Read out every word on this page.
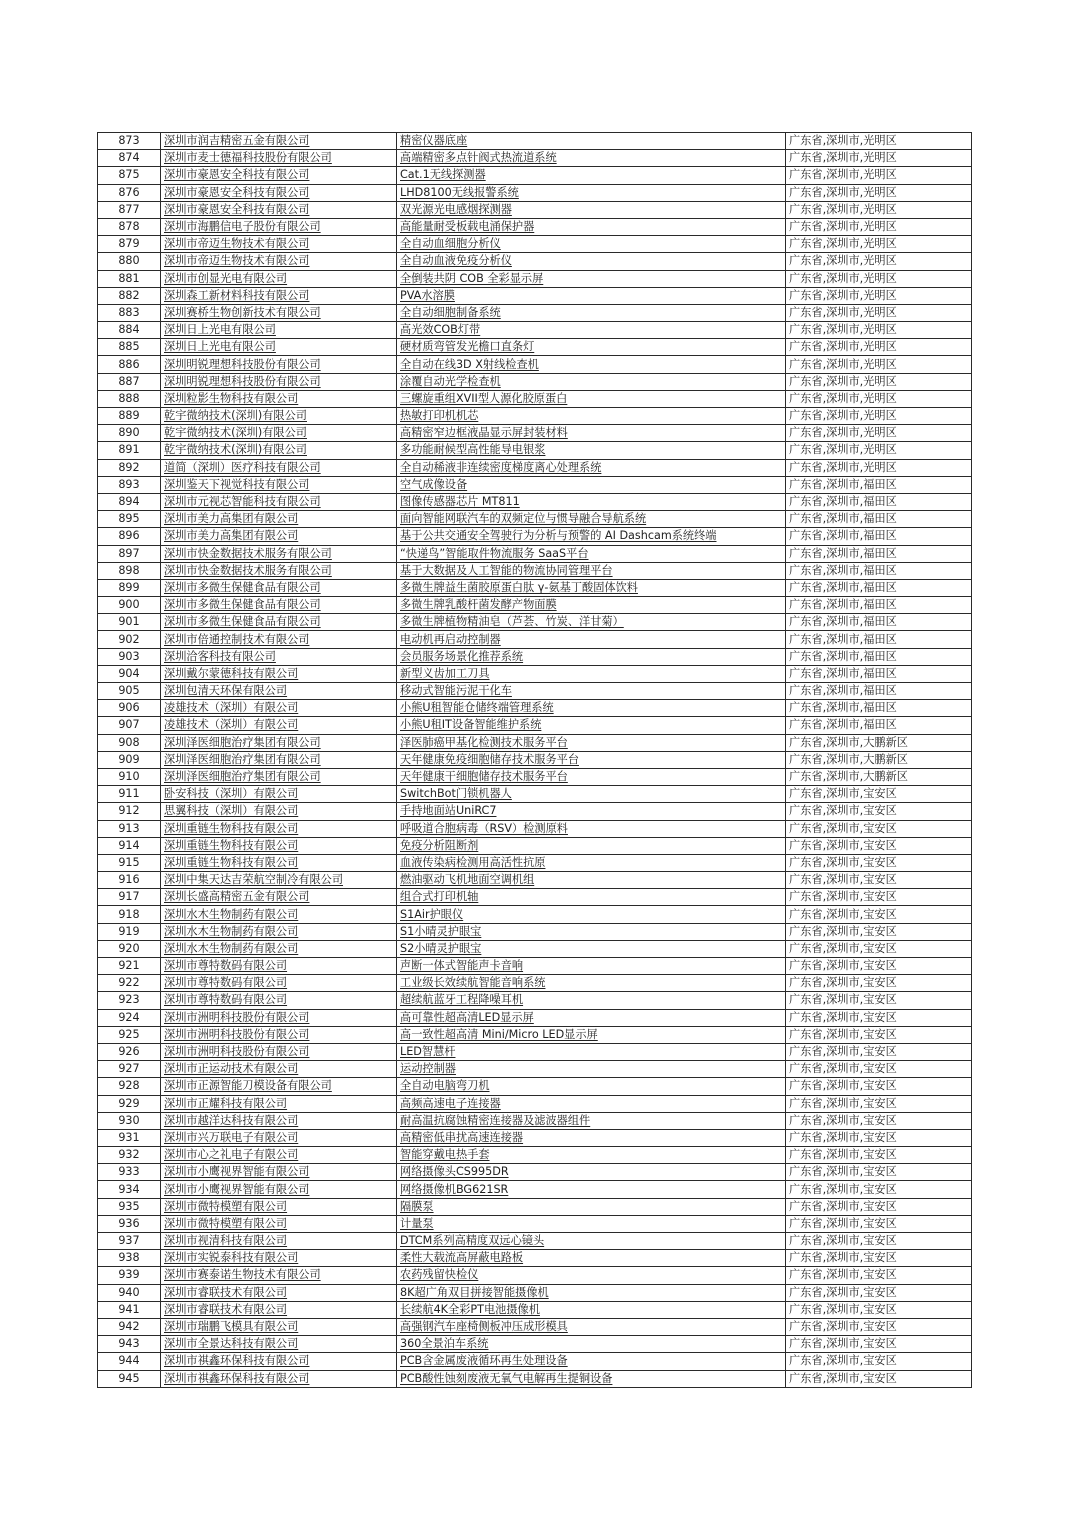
873	深圳市润吉精密五金有限公司	精密仪器底座	广东省,深圳市,光明区
874	深圳市麦士德福科技股份有限公司	高端精密多点针阀式热流道系统	广东省,深圳市,光明区
875	深圳市豪恩安全科技有限公司	Cat.1无线探测器	广东省,深圳市,光明区
876	深圳市豪恩安全科技有限公司	LHD8100无线报警系统	广东省,深圳市,光明区
877	深圳市豪恩安全科技有限公司	双光源光电感烟探测器	广东省,深圳市,光明区
878	深圳市海鹏信电子股份有限公司	高能量耐受板载电涌保护器	广东省,深圳市,光明区
879	深圳市帝迈生物技术有限公司	全自动血细胞分析仪	广东省,深圳市,光明区
880	深圳市帝迈生物技术有限公司	全自动血液免疫分析仪	广东省,深圳市,光明区
881	深圳市创显光电有限公司	全倒装共阴 COB 全彩显示屏	广东省,深圳市,光明区
882	深圳森工新材料科技有限公司	PVA水溶膜	广东省,深圳市,光明区
883	深圳赛桥生物创新技术有限公司	全自动细胞制备系统	广东省,深圳市,光明区
884	深圳日上光电有限公司	高光效COB灯带	广东省,深圳市,光明区
885	深圳日上光电有限公司	硬材质弯管发光檐口直条灯	广东省,深圳市,光明区
886	深圳明锐理想科技股份有限公司	全自动在线3D X射线检查机	广东省,深圳市,光明区
887	深圳明锐理想科技股份有限公司	涂覆自动光学检查机	广东省,深圳市,光明区
888	深圳粒影生物科技有限公司	三螺旋重组XVII型人源化胶原蛋白	广东省,深圳市,光明区
889	乾宇微纳技术(深圳)有限公司	热敏打印机机芯	广东省,深圳市,光明区
890	乾宇微纳技术(深圳)有限公司	高精密窄边框液晶显示屏封装材料	广东省,深圳市,光明区
891	乾宇微纳技术(深圳)有限公司	多功能耐候型高性能导电银浆	广东省,深圳市,光明区
892	道简（深圳）医疗科技有限公司	全自动稀液非连续密度梯度离心处理系统	广东省,深圳市,光明区
893	深圳鉴天下视觉科技有限公司	空气成像设备	广东省,深圳市,福田区
894	深圳市元视芯智能科技有限公司	图像传感器芯片 MT811	广东省,深圳市,福田区
895	深圳市美力高集团有限公司	面向智能网联汽车的双频定位与惯导融合导航系统	广东省,深圳市,福田区
896	深圳市美力高集团有限公司	基于公共交通安全驾驶行为分析与预警的 AI Dashcam系统终端	广东省,深圳市,福田区
897	深圳市快金数据技术服务有限公司	“快递鸟”智能取件物流服务 SaaS平台	广东省,深圳市,福田区
898	深圳市快金数据技术服务有限公司	基于大数据及人工智能的物流协同管理平台	广东省,深圳市,福田区
899	深圳市多微生保健食品有限公司	多微生牌益生菌胶原蛋白肽 γ-氨基丁酸固体饮料	广东省,深圳市,福田区
900	深圳市多微生保健食品有限公司	多微生牌乳酸杆菌发酵产物面膜	广东省,深圳市,福田区
901	深圳市多微生保健食品有限公司	多微生牌植物精油皂（芦荟、竹炭、洋甘菊）	广东省,深圳市,福田区
902	深圳市倍通控制技术有限公司	电动机再启动控制器	广东省,深圳市,福田区
903	深圳洽客科技有限公司	会员服务场景化推荐系统	广东省,深圳市,福田区
904	深圳戴尔蒙德科技有限公司	新型义齿加工刀具	广东省,深圳市,福田区
905	深圳包清天环保有限公司	移动式智能污泥干化车	广东省,深圳市,福田区
906	凌雄技术（深圳）有限公司	小熊U租智能仓储终端管理系统	广东省,深圳市,福田区
907	凌雄技术（深圳）有限公司	小熊U租IT设备智能维护系统	广东省,深圳市,福田区
908	深圳泽医细胞治疗集团有限公司	泽医肺癌甲基化检测技术服务平台	广东省,深圳市,大鹏新区
909	深圳泽医细胞治疗集团有限公司	天年健康免疫细胞储存技术服务平台	广东省,深圳市,大鹏新区
910	深圳泽医细胞治疗集团有限公司	天年健康干细胞储存技术服务平台	广东省,深圳市,大鹏新区
911	卧安科技（深圳）有限公司	SwitchBot门锁机器人	广东省,深圳市,宝安区
912	思翼科技（深圳）有限公司	手持地面站UniRC7	广东省,深圳市,宝安区
913	深圳重链生物科技有限公司	呼吸道合胞病毒（RSV）检测原料	广东省,深圳市,宝安区
914	深圳重链生物科技有限公司	免疫分析阻断剂	广东省,深圳市,宝安区
915	深圳重链生物科技有限公司	血液传染病检测用高活性抗原	广东省,深圳市,宝安区
916	深圳中集天达吉荣航空制冷有限公司	燃油驱动飞机地面空调机组	广东省,深圳市,宝安区
917	深圳长盛高精密五金有限公司	组合式打印机轴	广东省,深圳市,宝安区
918	深圳水木生物制药有限公司	S1Air护眼仪	广东省,深圳市,宝安区
919	深圳水木生物制药有限公司	S1小晴灵护眼宝	广东省,深圳市,宝安区
920	深圳水木生物制药有限公司	S2小晴灵护眼宝	广东省,深圳市,宝安区
921	深圳市尊特数码有限公司	声断一体式智能声卡音响	广东省,深圳市,宝安区
922	深圳市尊特数码有限公司	工业级长效续航智能音响系统	广东省,深圳市,宝安区
923	深圳市尊特数码有限公司	超续航蓝牙工程降噪耳机	广东省,深圳市,宝安区
924	深圳市洲明科技股份有限公司	高可靠性超高清LED显示屏	广东省,深圳市,宝安区
925	深圳市洲明科技股份有限公司	高一致性超高清 Mini/Micro LED显示屏	广东省,深圳市,宝安区
926	深圳市洲明科技股份有限公司	LED智慧杆	广东省,深圳市,宝安区
927	深圳市正运动技术有限公司	运动控制器	广东省,深圳市,宝安区
928	深圳市正源智能刀模设备有限公司	全自动电脑弯刀机	广东省,深圳市,宝安区
929	深圳市正耀科技有限公司	高频高速电子连接器	广东省,深圳市,宝安区
930	深圳市越洋达科技有限公司	耐高温抗腐蚀精密连接器及滤波器组件	广东省,深圳市,宝安区
931	深圳市兴万联电子有限公司	高精密低串扰高速连接器	广东省,深圳市,宝安区
932	深圳市心之礼电子有限公司	智能穿戴电热手套	广东省,深圳市,宝安区
933	深圳市小鹰视界智能有限公司	网络摄像头CS995DR	广东省,深圳市,宝安区
934	深圳市小鹰视界智能有限公司	网络摄像机BG621SR	广东省,深圳市,宝安区
935	深圳市微特模塑有限公司	隔膜泵	广东省,深圳市,宝安区
936	深圳市微特模塑有限公司	计量泵	广东省,深圳市,宝安区
937	深圳市视清科技有限公司	DTCM系列高精度双远心镜头	广东省,深圳市,宝安区
938	深圳市实锐泰科技有限公司	柔性大载流高屏蔽电路板	广东省,深圳市,宝安区
939	深圳市赛泰诺生物技术有限公司	农药残留快检仪	广东省,深圳市,宝安区
940	深圳市睿联技术有限公司	8K超广角双目拼接智能摄像机	广东省,深圳市,宝安区
941	深圳市睿联技术有限公司	长续航4K全彩PT电池摄像机	广东省,深圳市,宝安区
942	深圳市瑞鹏飞模具有限公司	高强钢汽车座椅侧板冲压成形模具	广东省,深圳市,宝安区
943	深圳市全景达科技有限公司	360全景泊车系统	广东省,深圳市,宝安区
944	深圳市祺鑫环保科技有限公司	PCB含金属废液循环再生处理设备	广东省,深圳市,宝安区
945	深圳市祺鑫环保科技有限公司	PCB酸性蚀刻废液无氧气电解再生提铜设备	广东省,深圳市,宝安区
